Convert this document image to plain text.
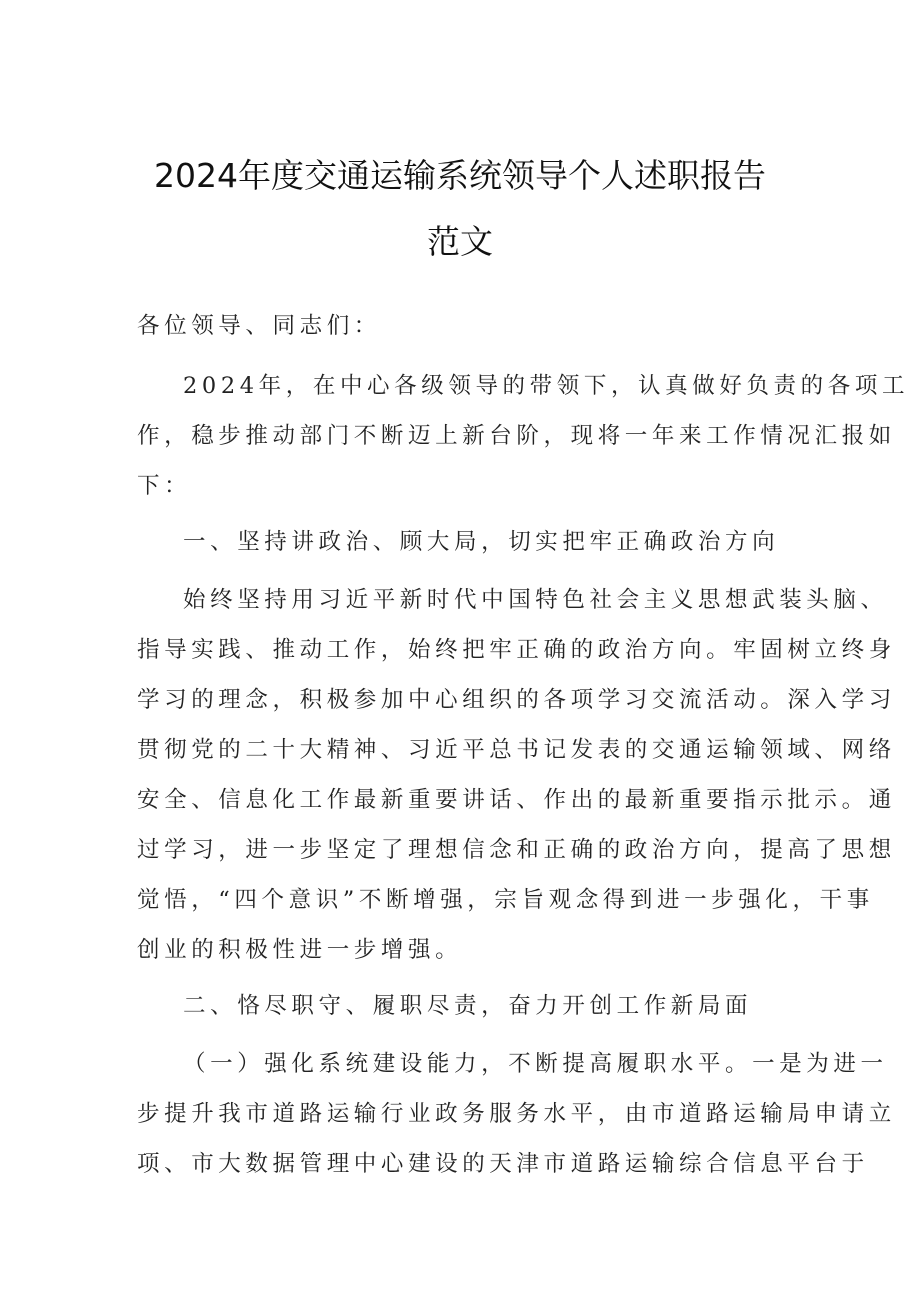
2024年度交通运输系统领导个人述职报告
范文
各位领导、同志们：
2024年，在中心各级领导的带领下，认真做好负责的各项工
作，稳步推动部门不断迈上新台阶，现将一年来工作情况汇报如
下：
一、坚持讲政治、顾大局，切实把牢正确政治方向
始终坚持用习近平新时代中国特色社会主义思想武装头脑、
指导实践、推动工作，始终把牢正确的政治方向。牢固树立终身
学习的理念，积极参加中心组织的各项学习交流活动。深入学习
贯彻党的二十大精神、习近平总书记发表的交通运输领域、网络
安全、信息化工作最新重要讲话、作出的最新重要指示批示。通
过学习，进一步坚定了理想信念和正确的政治方向，提高了思想
觉悟，“四个意识”不断增强，宗旨观念得到进一步强化，干事
创业的积极性进一步增强。
二、恪尽职守、履职尽责，奋力开创工作新局面
（一）强化系统建设能力，不断提高履职水平。一是为进一
步提升我市道路运输行业政务服务水平，由市道路运输局申请立
项、市大数据管理中心建设的天津市道路运输综合信息平台于
